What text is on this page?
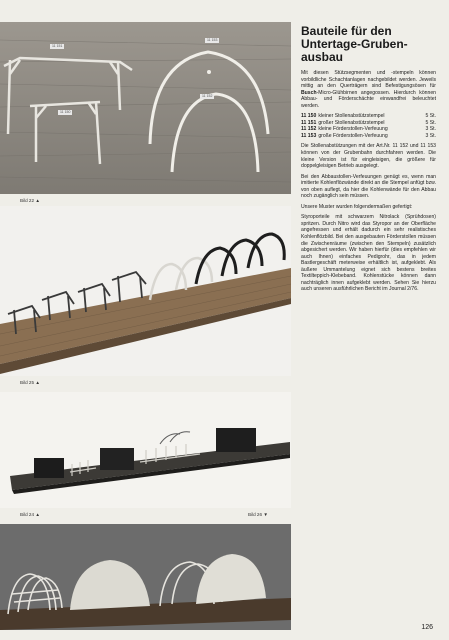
11 151
11 153
11 152
11 150
Bild 22 ▲
Bild 25 ▲
Bild 24 ▲	Bild 26 ▼
Bauteile für den Untertage-Gruben-ausbau

Mit diesen Stützsegmenten und -stempeln können vorbildliche Schachtanlagen nachgebildet werden. Jeweils mittig an den Querträgern sind Befestigungsösen für Busch-Micro-Glühbirnen angegossen. Hierdurch können Abbau- und Förderschächte einwandfrei beleuchtet werden.

11 150 kleiner Stollenabstützstempel	5 St.
11 151 großer Stollenabstützstempel	5 St.
11 152 kleine Förderstollen-Verfeuung	3 St.
11 153 große Förderstollen-Verfeuung	3 St.

Die Stollenabstützungen mit der Art.Nr. 11 152 und 11 153 können von der Grubenbahn durchfahren werden. Die kleine Version ist für eingleisigen, die größere für doppelgleisigen Betrieb ausgelegt.

Bei den Abbaustollen-Verfeuungen genügt es, wenn man imitierte Kohlenflözwände direkt an die Stempel anfügt bzw. von oben auflegt, da hier die Kohlenwände für den Abbau noch zugänglich sein müssen.

Unsere Muster wurden folgendermaßen gefertigt:

Styroporteile mit schwarzem Nitrolack (Sprühdosen) spritzen. Durch Nitro wird das Styropor an der Oberfläche angefressen und erhält dadurch ein sehr realistisches Kohlenflözbild. Bei den ausgebauten Förderstollen müssen die Zwischenräume (zwischen den Stempeln) zusätzlich abgesichert werden. Wir haben hierfür (dies empfehlen wir auch Ihnen) einfaches Pedigrohr, das in jedem Bastlergeschäft meterweise erhältlich ist, aufgeklebt. Als äußere Ummantelung eignet sich bestens breites Textilteppich-Klebeband. Kohlenstücke können dann nachträglich innen aufgeklebt werden. Sehen Sie hierzu auch unseren ausführlichen Bericht im Journal 2/76.

126
